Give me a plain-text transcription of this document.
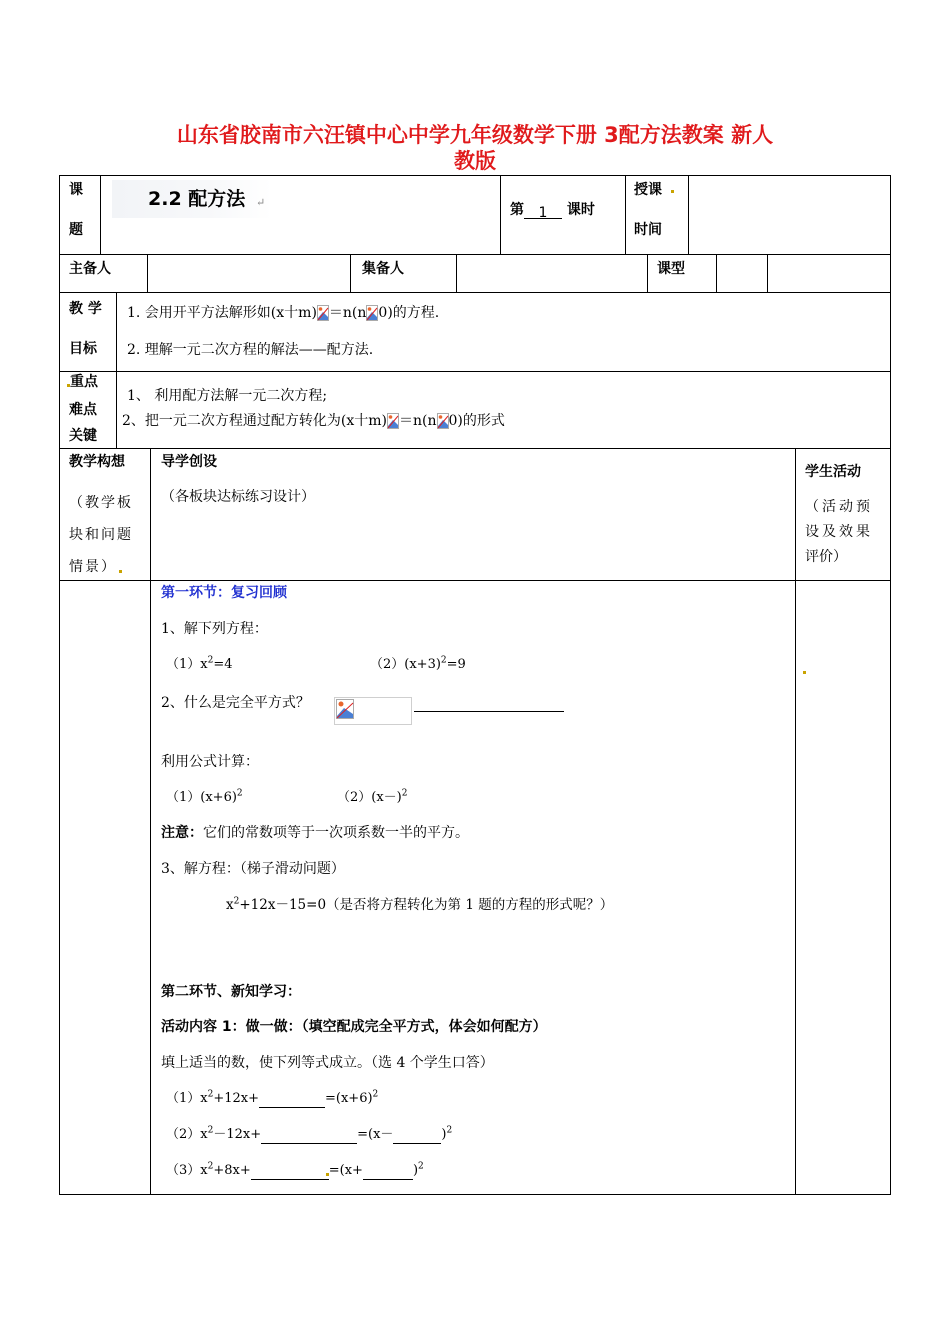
山东省胶南市六汪镇中心中学九年级数学下册 3配方法教案 新人
教版
课
题
2.2 配方法 ↵	第 1 课时
授课
时间
主备人	集备人	课型
教 学
目标
1. 会用开平方法解形如(x十m) ＝n(n 0)的方程.
2. 理解一元二次方程的解法——配方法.
重点
难点
关键
1、 利用配方法解一元二次方程;
2、把一元二次方程通过配方转化为(x十m) ＝n(n 0)的形式
教学构想
（教学板
块和问题
情景）
导学创设
（各板块达标练习设计）
学生活动
（活动预
设及效果
评价）
第一环节：复习回顾
1、解下列方程：
$(1)x^2=4$	$(2)(x+3)^2=9$
2、什么是完全平方式？
利用公式计算：
$(1)(x+6)^2$	$(2)(x-)^2$
注意：它们的常数项等于一次项系数一半的平方。
3、解方程：（梯子滑动问题）
$x^2+12x-15=0$（是否将方程转化为第 1 题的方程的形式呢？）
第二环节、新知学习：
活动内容 1：做一做：（填空配成完全平方式，体会如何配方）
填上适当的数，使下列等式成立。（选 4 个学生口答）
$(1)x^2+12x+$	$=(x+6)^2$
$(2)x^2-12x+$	=(x－	)$^2$
$(3)x^2+8x+$	=(x+	)$^2$
